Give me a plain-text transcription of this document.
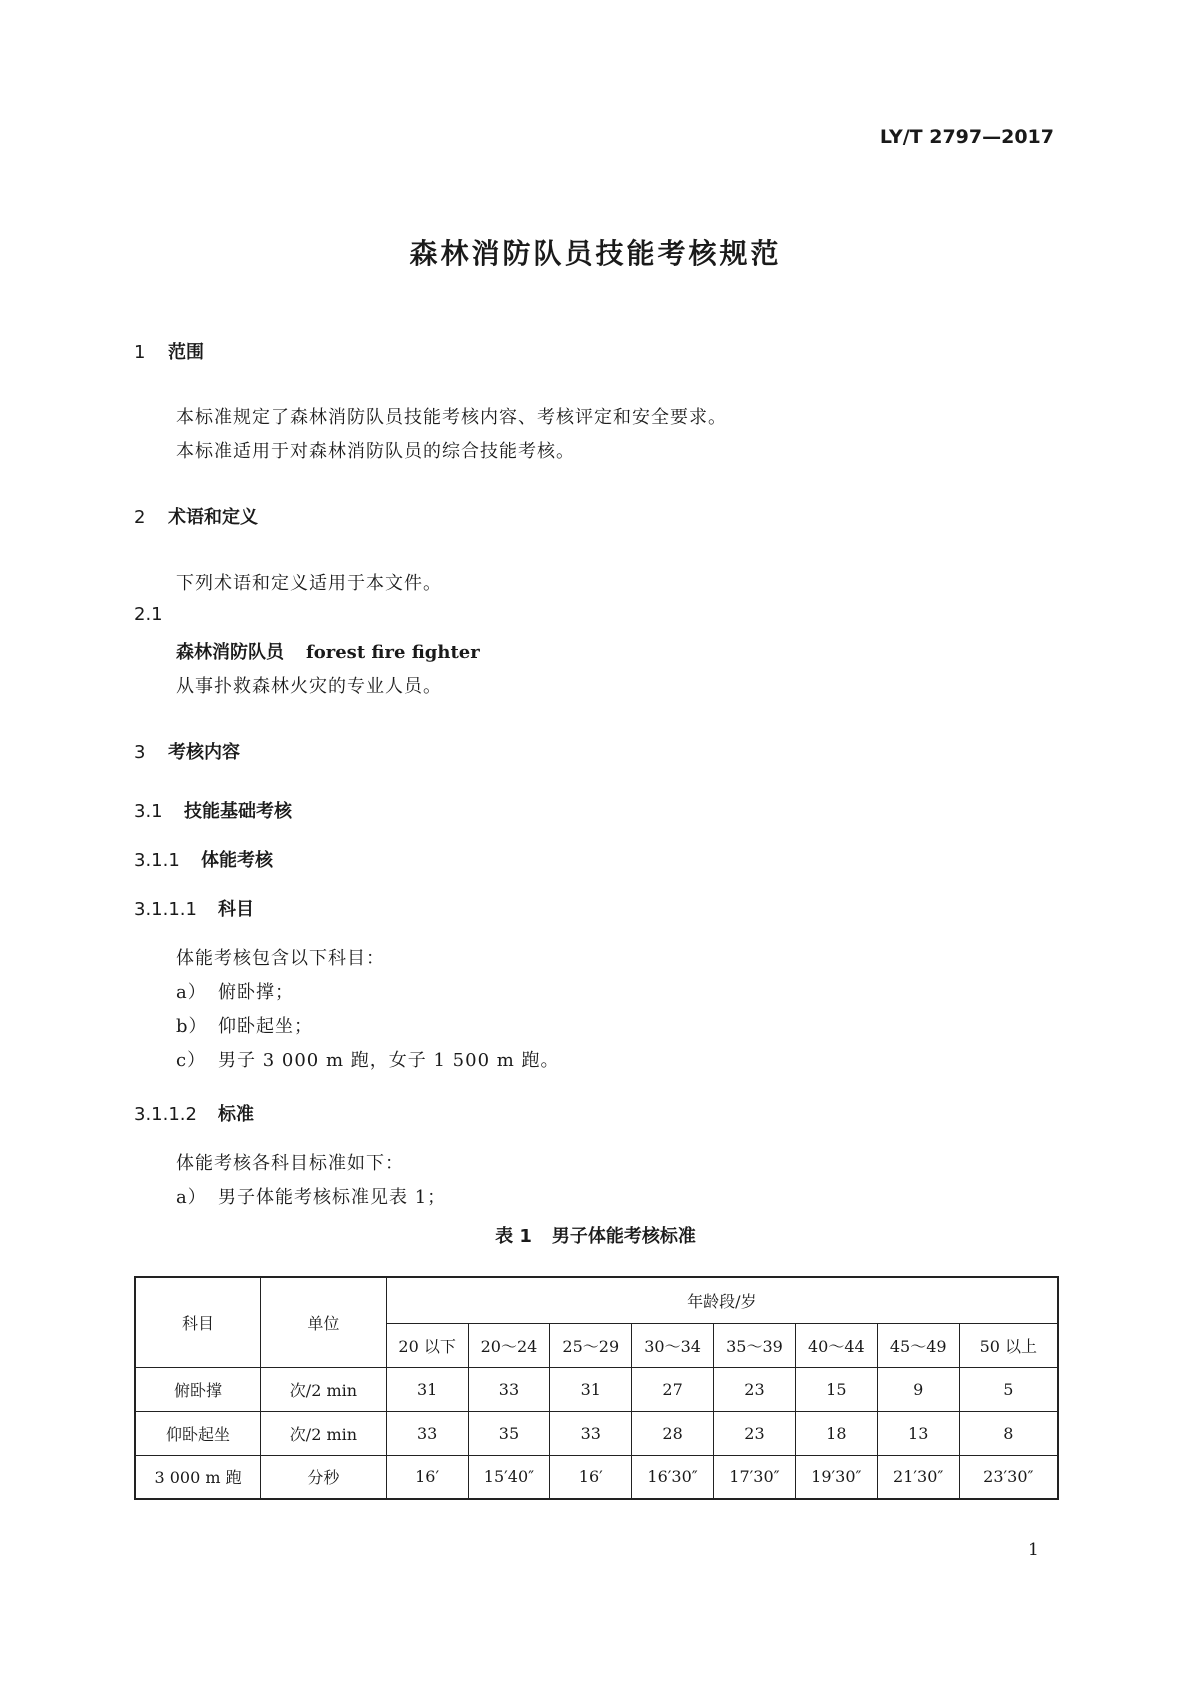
LY/T 2797—2017
森林消防队员技能考核规范
1 范围
本标准规定了森林消防队员技能考核内容、考核评定和安全要求。
本标准适用于对森林消防队员的综合技能考核。
2 术语和定义
下列术语和定义适用于本文件。
2.1
森林消防队员 forest fire fighter
从事扑救森林火灾的专业人员。
3 考核内容
3.1 技能基础考核
3.1.1 体能考核
3.1.1.1 科目
体能考核包含以下科目：
a） 俯卧撑；
b） 仰卧起坐；
c） 男子 3 000 m 跑，女子 1 500 m 跑。
3.1.1.2 标准
体能考核各科目标准如下：
a） 男子体能考核标准见表 1；
表 1 男子体能考核标准
科目	单位	年龄段/岁							
		20 以下	20～24	25～29	30～34	35～39	40～44	45～49	50 以上
俯卧撑	次/2 min	31	33	31	27	23	15	9	5
仰卧起坐	次/2 min	33	35	33	28	23	18	13	8
3 000 m 跑	分秒	16′	15′40″	16′	16′30″	17′30″	19′30″	21′30″	23′30″
1
